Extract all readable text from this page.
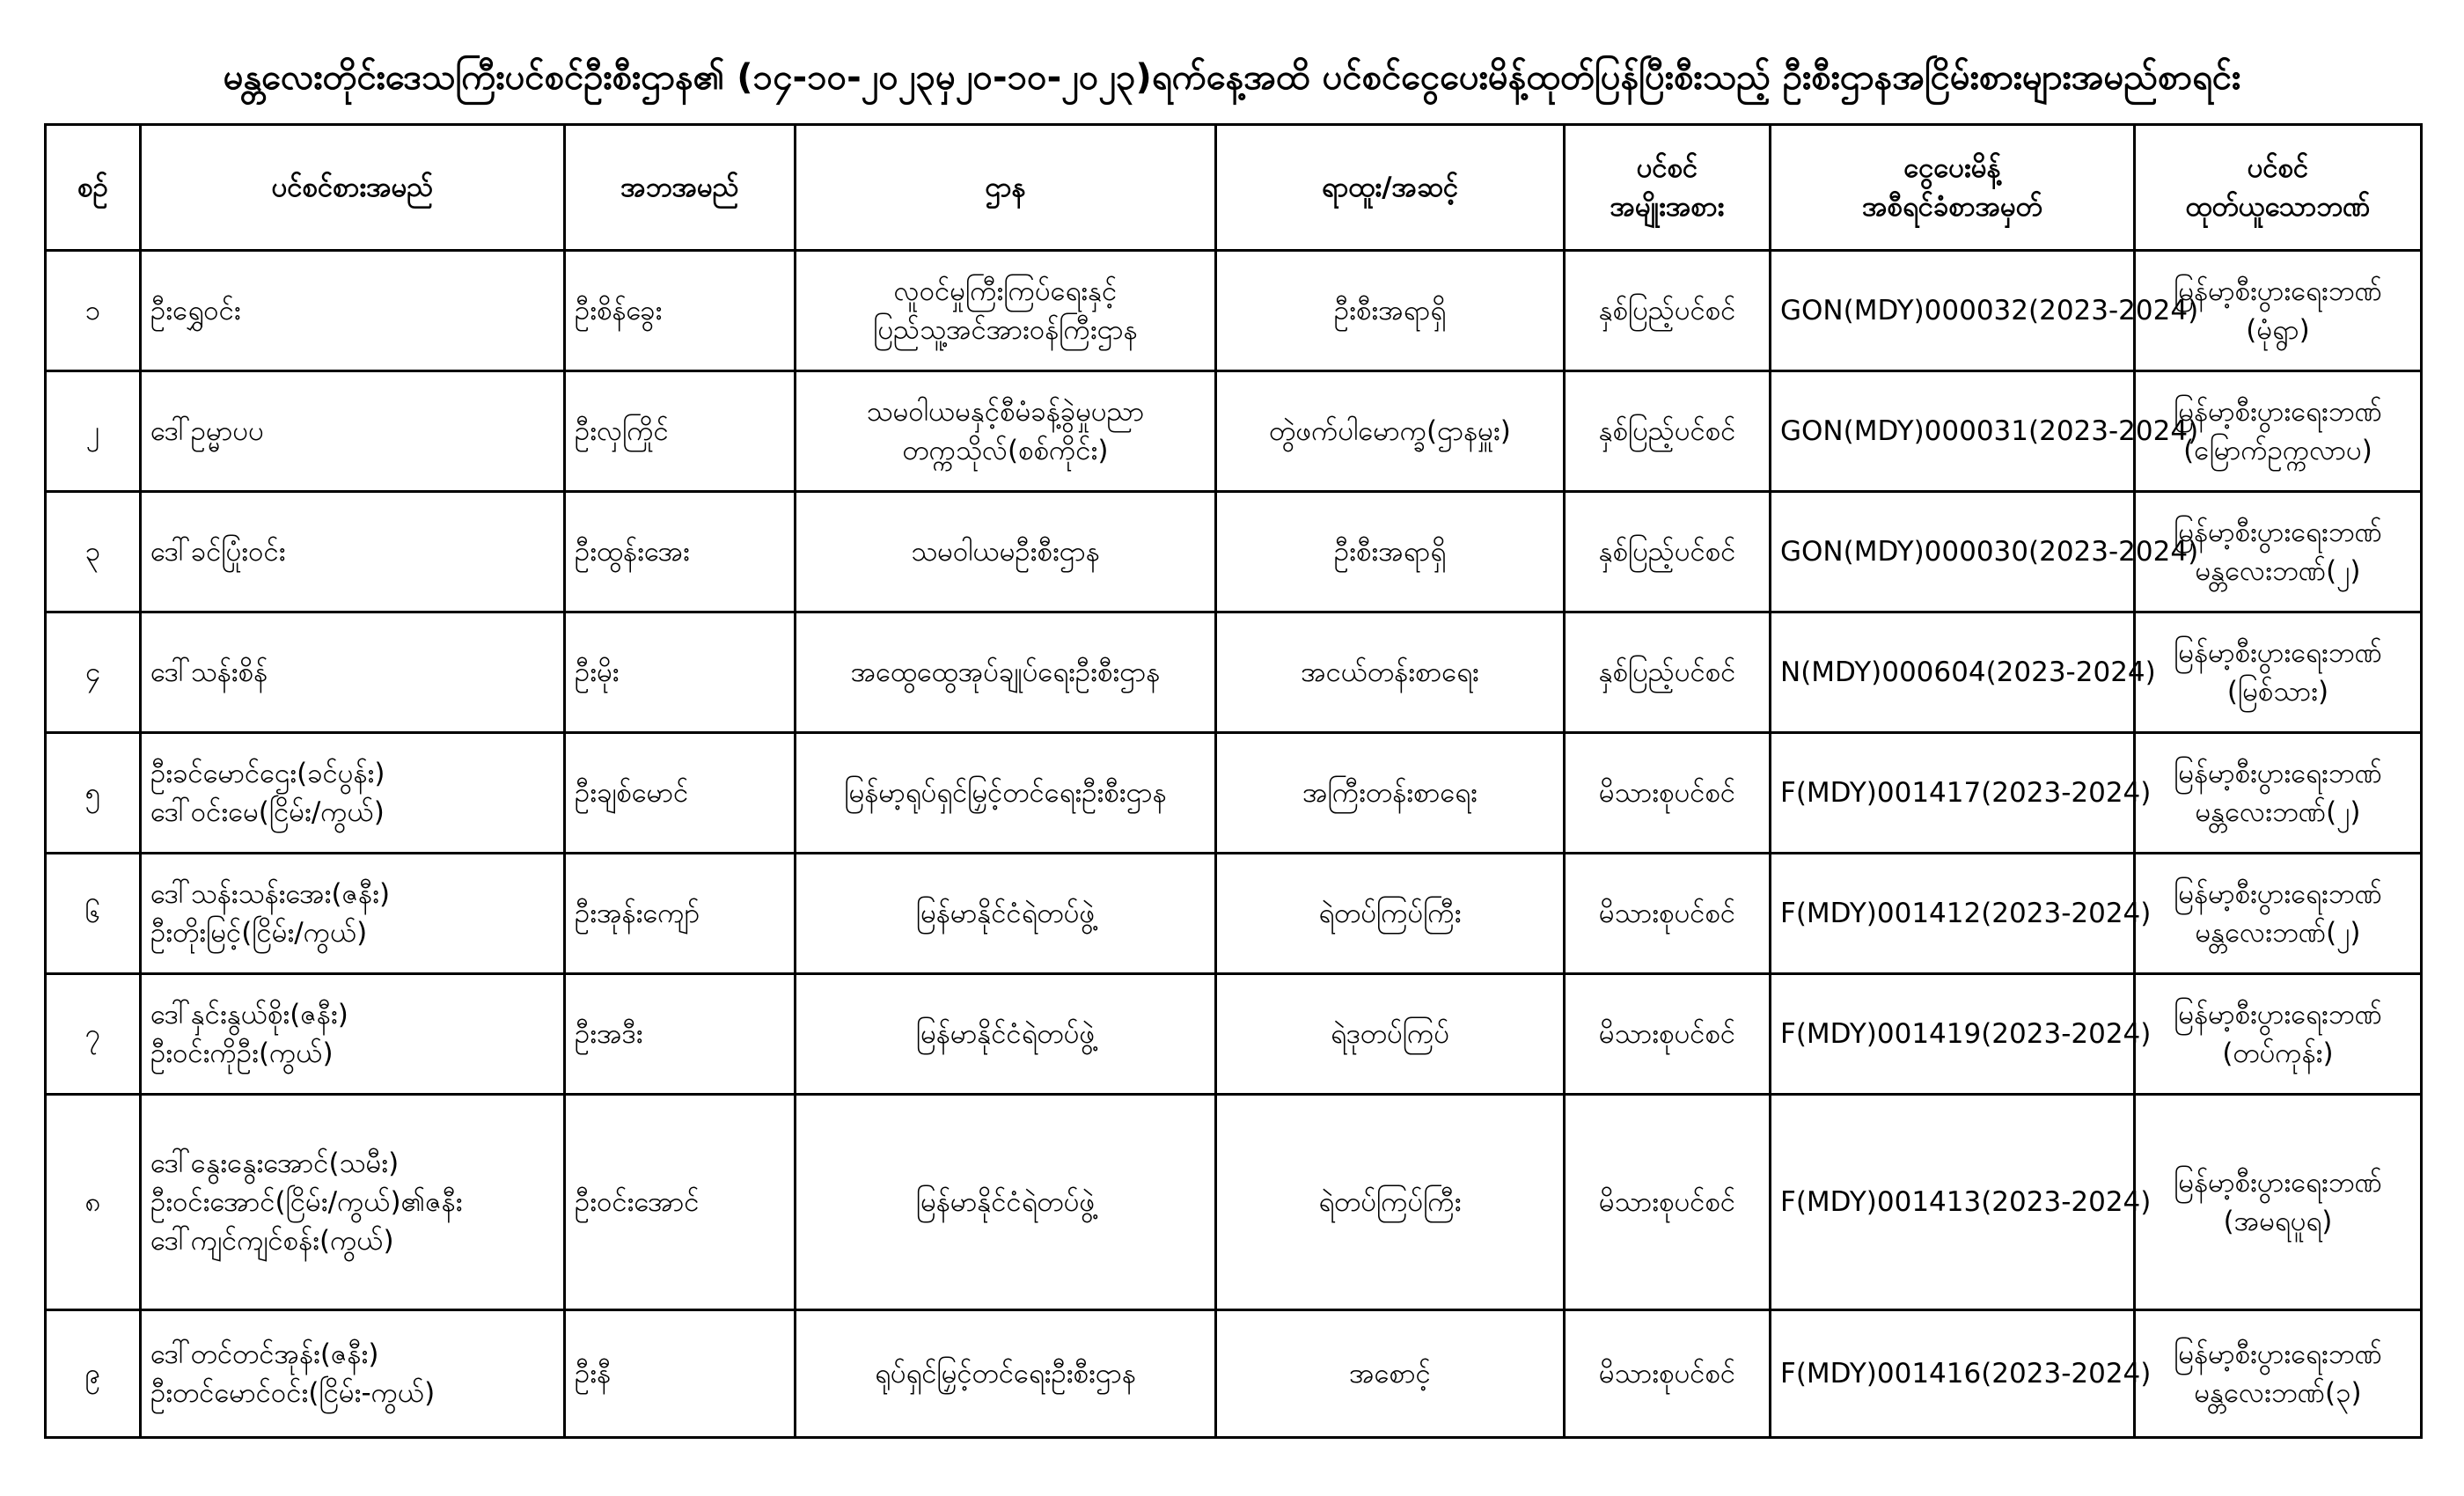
မန္တလေးတိုင်းဒေသကြီးပင်စင်ဦးစီးဌာန၏ (၁၄-၁၀-၂၀၂၃မှ၂၀-၁၀-၂၀၂၃)ရက်နေ့အထိ ပင်စင်ငွေပေးမိန့်ထုတ်ပြန်ပြီးစီးသည့် ဦးစီးဌာနအငြိမ်းစားများအမည်စာရင်း
စဉ်	ပင်စင်စားအမည်	အဘအမည်	ဌာန	ရာထူး/အဆင့်	ပင်စင်
အမျိုးအစား	ငွေပေးမိန့်
အစီရင်ခံစာအမှတ်	ပင်စင်
ထုတ်ယူသောဘဏ်

၁	ဦးရွှေဝင်း	ဦးစိန်ခွေး	လူဝင်မှုကြီးကြပ်ရေးနှင့်
ပြည်သူ့အင်အားဝန်ကြီးဌာန	ဦးစီးအရာရှိ	နှစ်ပြည့်ပင်စင်	GON(MDY)000032(2023-2024)	မြန်မာ့စီးပွားရေးဘဏ်
(မုံရွာ)

၂	ဒေါ်ဥမ္မာပပ	ဦးလှကြိုင်	သမဝါယမနှင့်စီမံခန့်ခွဲမှုပညာ
တက္ကသိုလ်(စစ်ကိုင်း)	တွဲဖက်ပါမောက္ခ(ဌာနမှူး)	နှစ်ပြည့်ပင်စင်	GON(MDY)000031(2023-2024)	မြန်မာ့စီးပွားရေးဘဏ်
(မြောက်ဥက္ကလာပ)

၃	ဒေါ်ခင်ပြုံးဝင်း	ဦးထွန်းအေး	သမဝါယမဦးစီးဌာန	ဦးစီးအရာရှိ	နှစ်ပြည့်ပင်စင်	GON(MDY)000030(2023-2024)	မြန်မာ့စီးပွားရေးဘဏ်
မန္တလေးဘဏ်(၂)

၄	ဒေါ်သန်းစိန်	ဦးမိုး	အထွေထွေအုပ်ချုပ်ရေးဦးစီးဌာန	အငယ်တန်းစာရေး	နှစ်ပြည့်ပင်စင်	N(MDY)000604(2023-2024)	မြန်မာ့စီးပွားရေးဘဏ်
(မြစ်သား)

၅	ဦးခင်မောင်ဌေး(ခင်ပွန်း)
ဒေါ်ဝင်းမေ(ငြိမ်း/ကွယ်)	ဦးချစ်မောင်	မြန်မာ့ရုပ်ရှင်မြှင့်တင်ရေးဦးစီးဌာန	အကြီးတန်းစာရေး	မိသားစုပင်စင်	F(MDY)001417(2023-2024)	မြန်မာ့စီးပွားရေးဘဏ်
မန္တလေးဘဏ်(၂)

၆	ဒေါ်သန်းသန်းအေး(ဇနီး)
ဦးတိုးမြင့်(ငြိမ်း/ကွယ်)	ဦးအုန်းကျော်	မြန်မာနိုင်ငံရဲတပ်ဖွဲ့	ရဲတပ်ကြပ်ကြီး	မိသားစုပင်စင်	F(MDY)001412(2023-2024)	မြန်မာ့စီးပွားရေးဘဏ်
မန္တလေးဘဏ်(၂)

၇	ဒေါ်နှင်းနွယ်စိုး(ဇနီး)
ဦးဝင်းကိုဦး(ကွယ်)	ဦးအဒီး	မြန်မာနိုင်ငံရဲတပ်ဖွဲ့	ရဲဒုတပ်ကြပ်	မိသားစုပင်စင်	F(MDY)001419(2023-2024)	မြန်မာ့စီးပွားရေးဘဏ်
(တပ်ကုန်း)

၈	ဒေါ်နွေးနွေးအောင်(သမီး)
ဦးဝင်းအောင်(ငြိမ်း/ကွယ်)၏ဇနီး
ဒေါ်ကျင်ကျင်စန်း(ကွယ်)	ဦးဝင်းအောင်	မြန်မာနိုင်ငံရဲတပ်ဖွဲ့	ရဲတပ်ကြပ်ကြီး	မိသားစုပင်စင်	F(MDY)001413(2023-2024)	မြန်မာ့စီးပွားရေးဘဏ်
(အမရပူရ)

၉	ဒေါ်တင်တင်အုန်း(ဇနီး)
ဦးတင်မောင်ဝင်း(ငြိမ်း-ကွယ်)	ဦးနီ	ရုပ်ရှင်မြှင့်တင်ရေးဦးစီးဌာန	အစောင့်	မိသားစုပင်စင်	F(MDY)001416(2023-2024)	မြန်မာ့စီးပွားရေးဘဏ်
မန္တလေးဘဏ်(၃)
